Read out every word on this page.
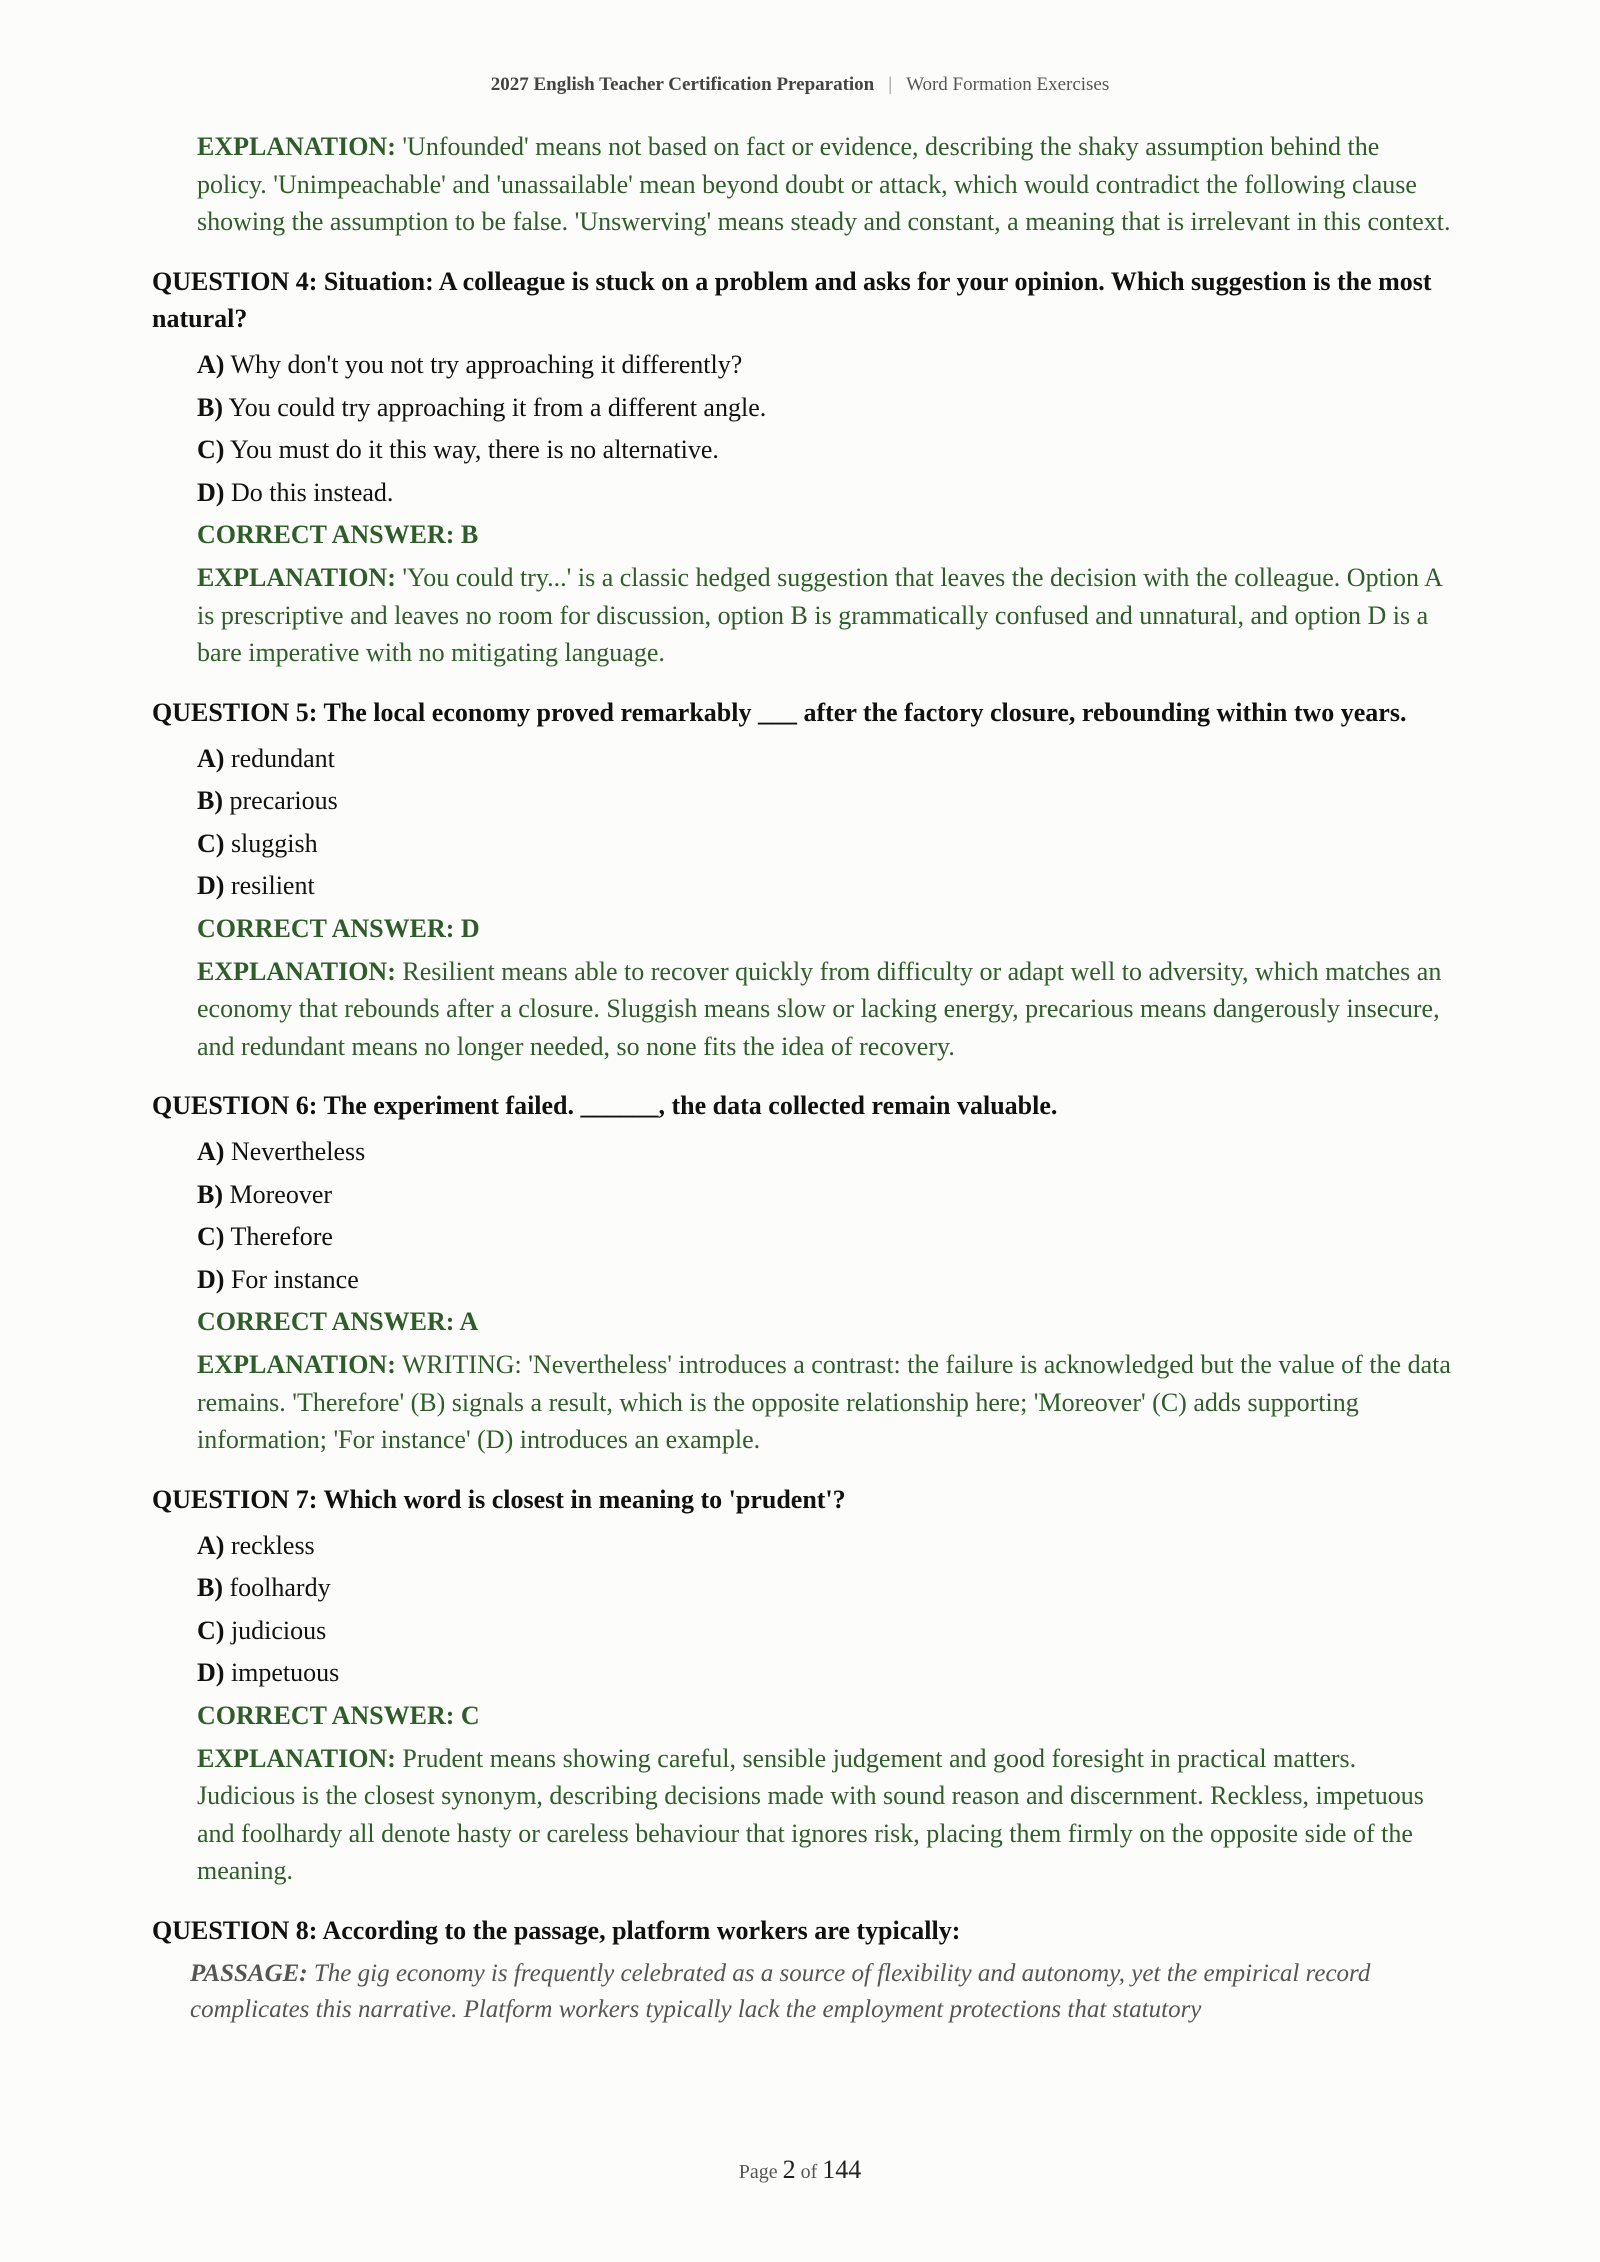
2027 English Teacher Certification Preparation | Word Formation Exercises
EXPLANATION: 'Unfounded' means not based on fact or evidence, describing the shaky assumption behind the policy. 'Unimpeachable' and 'unassailable' mean beyond doubt or attack, which would contradict the following clause showing the assumption to be false. 'Unswerving' means steady and constant, a meaning that is irrelevant in this context.
QUESTION 4: Situation: A colleague is stuck on a problem and asks for your opinion. Which suggestion is the most natural?
A) Why don't you not try approaching it differently?
B) You could try approaching it from a different angle.
C) You must do it this way, there is no alternative.
D) Do this instead.
CORRECT ANSWER: B
EXPLANATION: 'You could try...' is a classic hedged suggestion that leaves the decision with the colleague. Option A is prescriptive and leaves no room for discussion, option B is grammatically confused and unnatural, and option D is a bare imperative with no mitigating language.
QUESTION 5: The local economy proved remarkably ___ after the factory closure, rebounding within two years.
A) redundant
B) precarious
C) sluggish
D) resilient
CORRECT ANSWER: D
EXPLANATION: Resilient means able to recover quickly from difficulty or adapt well to adversity, which matches an economy that rebounds after a closure. Sluggish means slow or lacking energy, precarious means dangerously insecure, and redundant means no longer needed, so none fits the idea of recovery.
QUESTION 6: The experiment failed. ______, the data collected remain valuable.
A) Nevertheless
B) Moreover
C) Therefore
D) For instance
CORRECT ANSWER: A
EXPLANATION: WRITING: 'Nevertheless' introduces a contrast: the failure is acknowledged but the value of the data remains. 'Therefore' (B) signals a result, which is the opposite relationship here; 'Moreover' (C) adds supporting information; 'For instance' (D) introduces an example.
QUESTION 7: Which word is closest in meaning to 'prudent'?
A) reckless
B) foolhardy
C) judicious
D) impetuous
CORRECT ANSWER: C
EXPLANATION: Prudent means showing careful, sensible judgement and good foresight in practical matters. Judicious is the closest synonym, describing decisions made with sound reason and discernment. Reckless, impetuous and foolhardy all denote hasty or careless behaviour that ignores risk, placing them firmly on the opposite side of the meaning.
QUESTION 8: According to the passage, platform workers are typically:
PASSAGE: The gig economy is frequently celebrated as a source of flexibility and autonomy, yet the empirical record complicates this narrative. Platform workers typically lack the employment protections that statutory
Page 2 of 144
